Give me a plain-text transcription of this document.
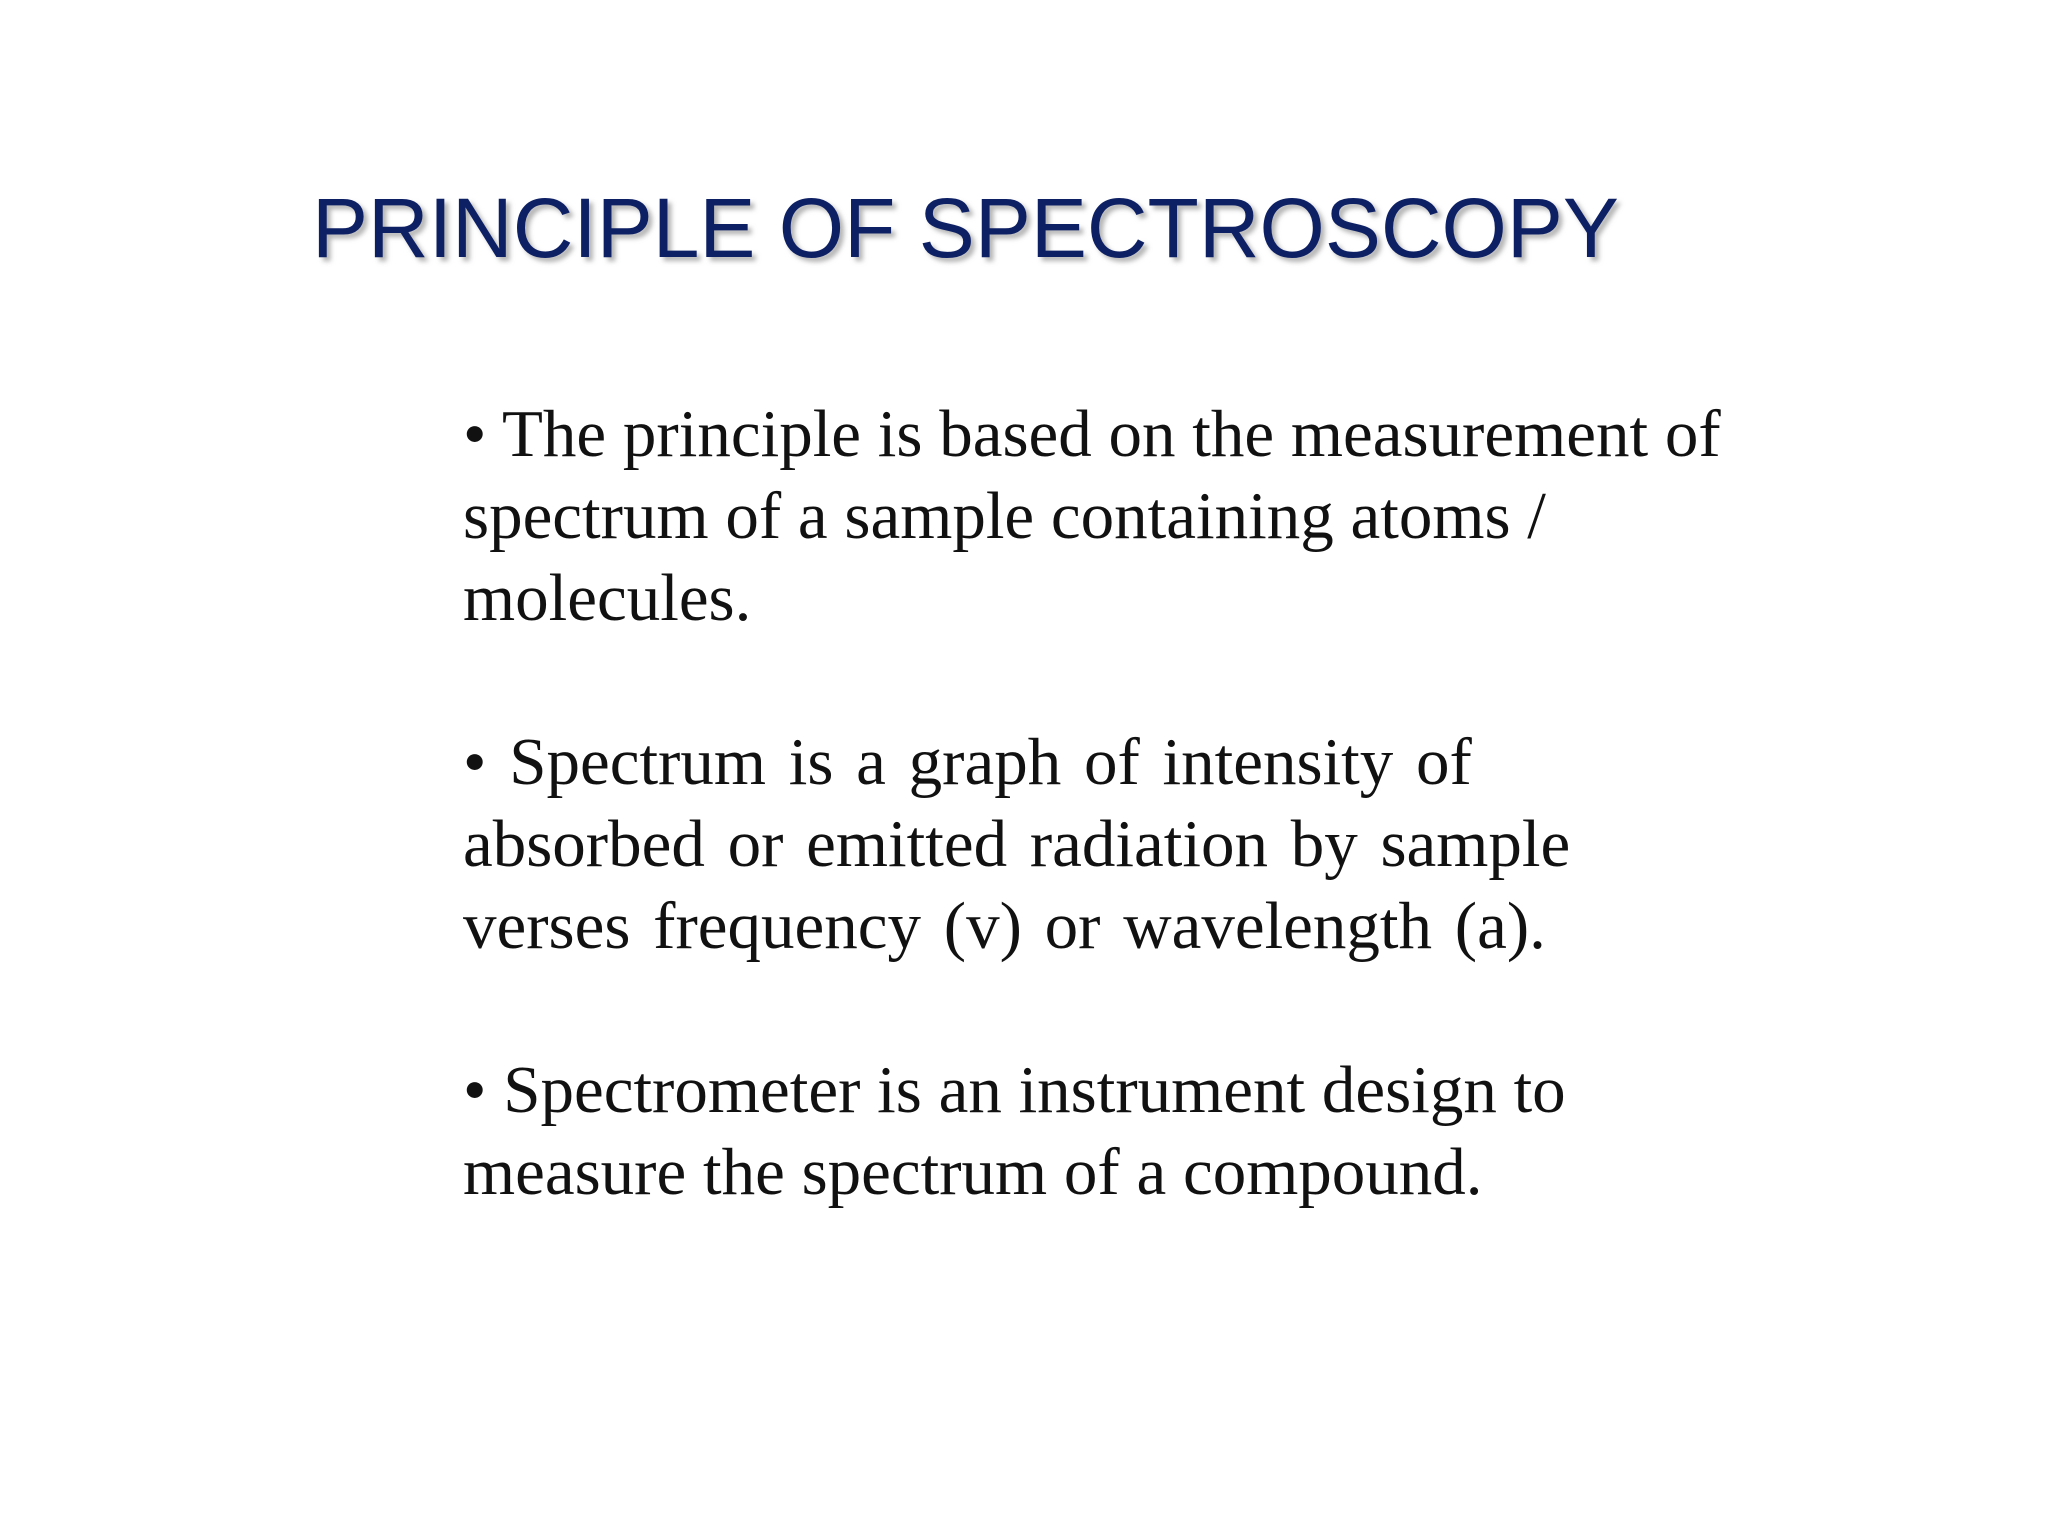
PRINCIPLE OF SPECTROSCOPY
• The principle is based on the measurement of spectrum of a sample containing atoms / molecules.
• Spectrum is a graph of intensity of absorbed or emitted radiation by sample verses frequency (v) or wavelength (a).
• Spectrometer is an instrument design to measure the spectrum of a compound.
